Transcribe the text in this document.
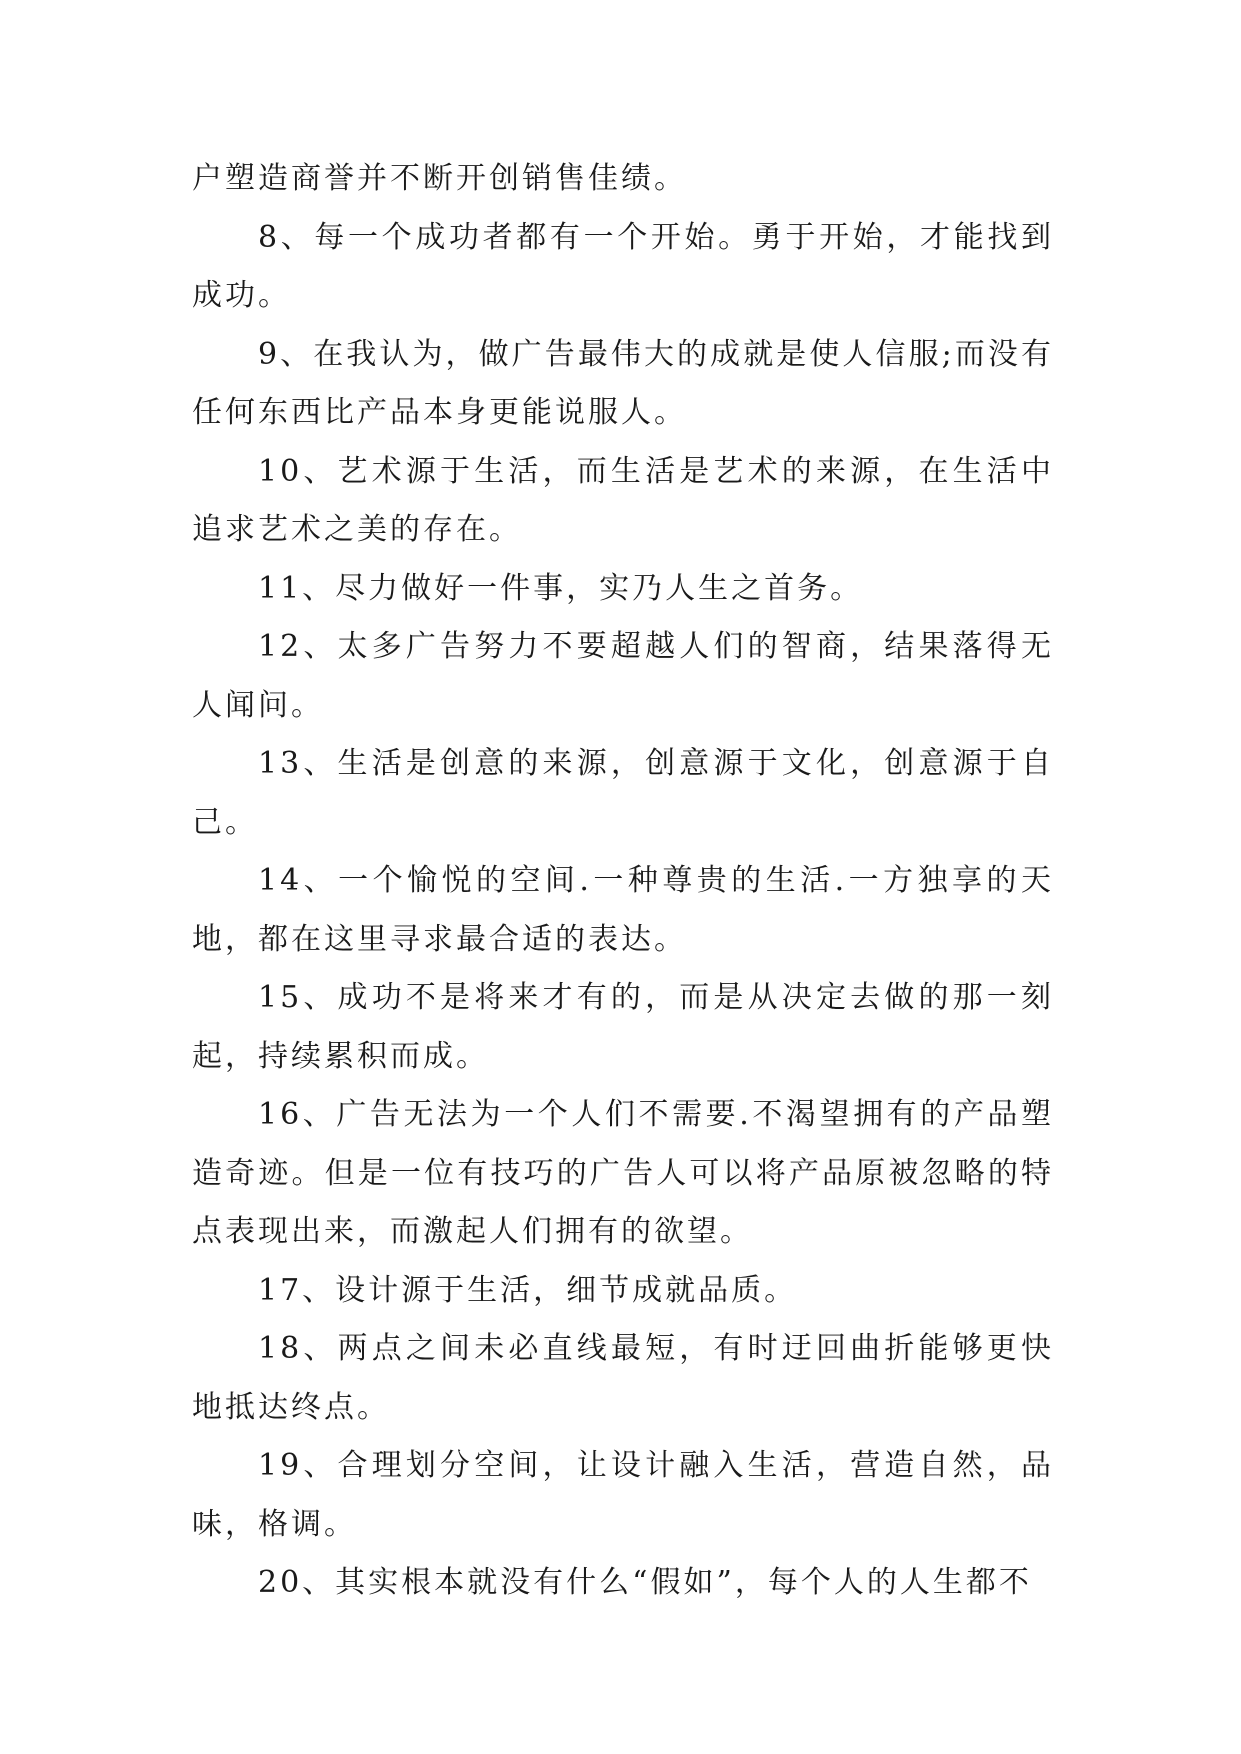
户塑造商誉并不断开创销售佳绩。

8、每一个成功者都有一个开始。勇于开始，才能找到成功。

9、在我认为，做广告最伟大的成就是使人信服;而没有任何东西比产品本身更能说服人。

10、艺术源于生活，而生活是艺术的来源，在生活中追求艺术之美的存在。

11、尽力做好一件事，实乃人生之首务。

12、太多广告努力不要超越人们的智商，结果落得无人闻问。

13、生活是创意的来源，创意源于文化，创意源于自己。

14、一个愉悦的空间.一种尊贵的生活.一方独享的天地，都在这里寻求最合适的表达。

15、成功不是将来才有的，而是从决定去做的那一刻起，持续累积而成。

16、广告无法为一个人们不需要.不渴望拥有的产品塑造奇迹。但是一位有技巧的广告人可以将产品原被忽略的特点表现出来，而激起人们拥有的欲望。

17、设计源于生活，细节成就品质。

18、两点之间未必直线最短，有时迂回曲折能够更快地抵达终点。

19、合理划分空间，让设计融入生活，营造自然，品味，格调。

20、其实根本就没有什么“假如”，每个人的人生都不
